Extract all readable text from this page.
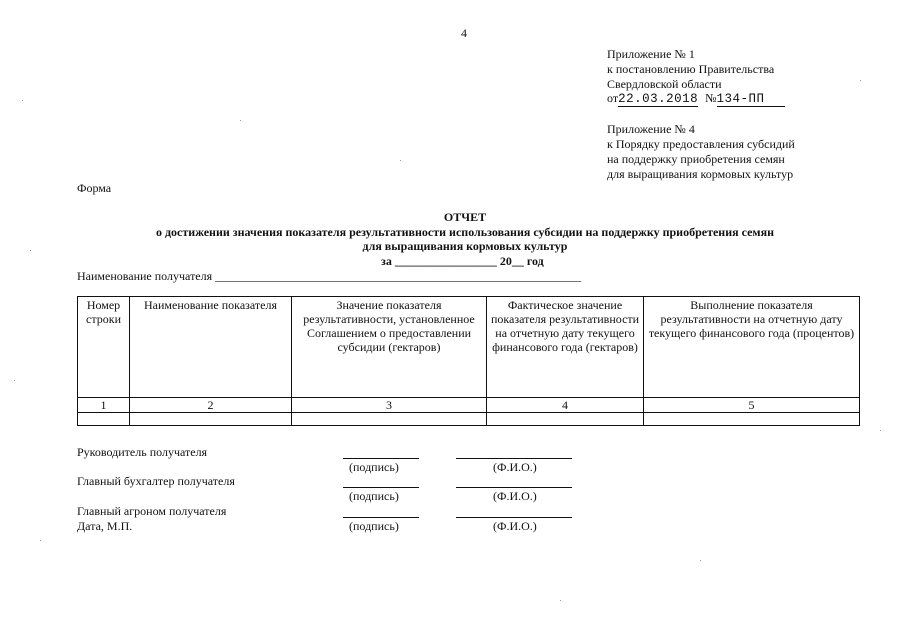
4
Приложение № 1
к постановлению Правительства
Свердловской области
от22.03.2018 №134-ПП
Приложение № 4
к Порядку предоставления субсидий
на поддержку приобретения семян
для выращивания кормовых культур
Форма
ОТЧЕТ
о достижении значения показателя результативности использования субсидии на поддержку приобретения семян
для выращивания кормовых культур
за _________________ 20__ год
Наименование получателя _____________________________________________________________
Номер строки	Наименование показателя	Значение показателя результативности, установленное Соглашением о предоставлении субсидии (гектаров)	Фактическое значение показателя результативности на отчетную дату текущего финансового года (гектаров)	Выполнение показателя результативности на отчетную дату текущего финансового года (процентов)
1	2	3	4	5

Руководитель получателя
(подпись)	(Ф.И.О.)
Главный бухгалтер получателя
(подпись)	(Ф.И.О.)
Главный агроном получателя
(подпись)	(Ф.И.О.)
Дата, М.П.
